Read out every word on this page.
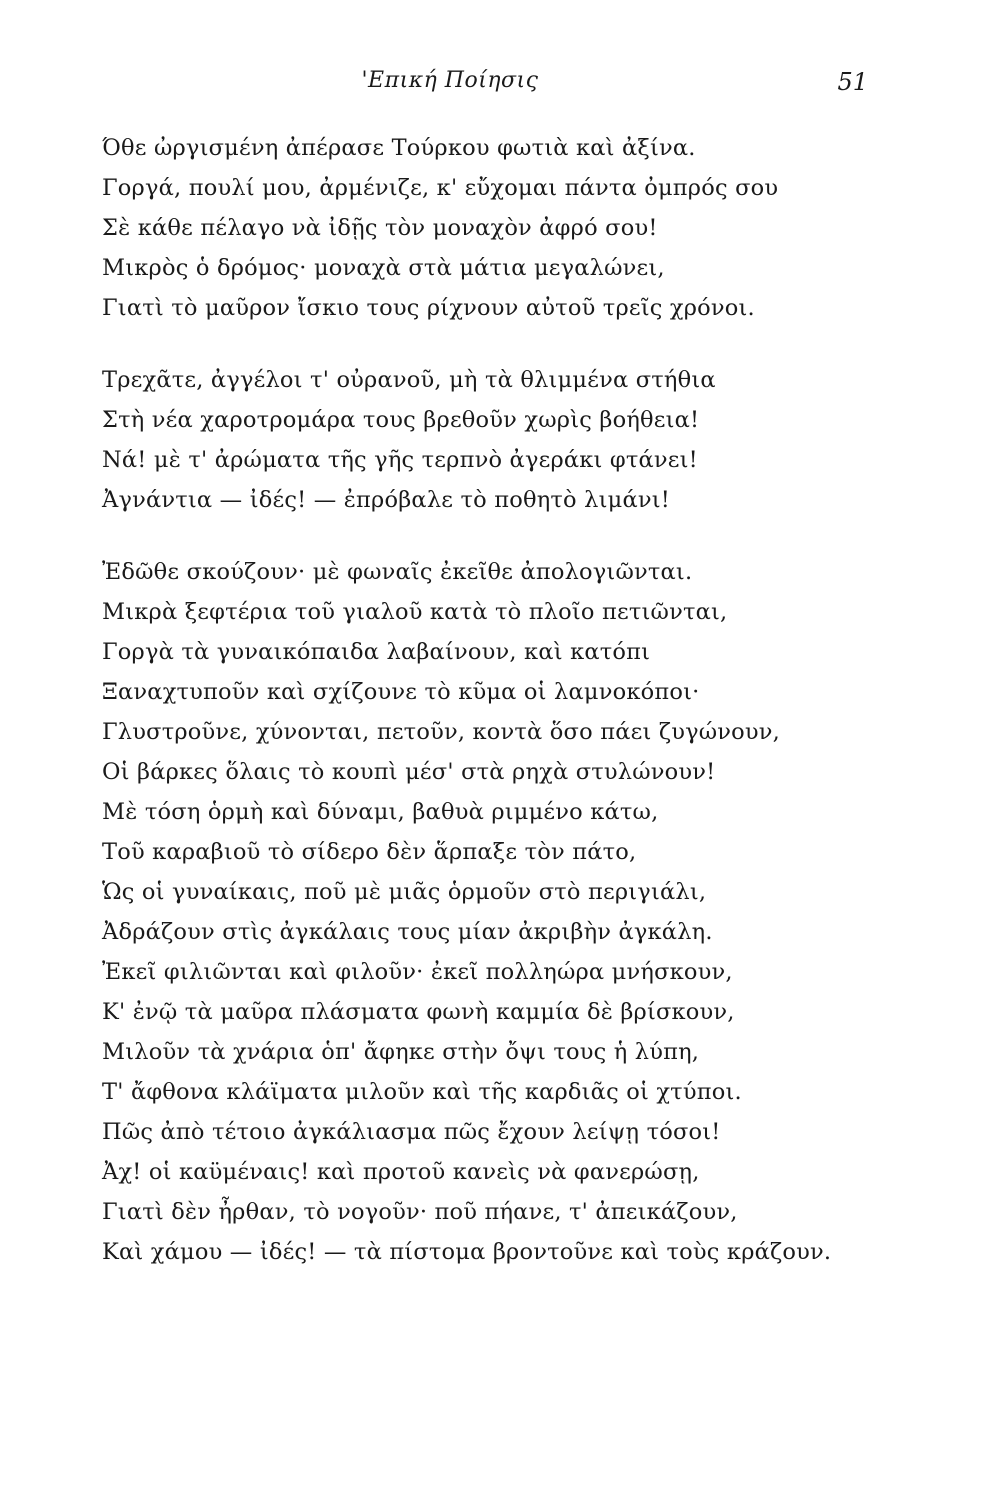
'Επική Ποίησις	51
Όθε ὠργισμένη ἀπέρασε Τούρκου φωτιὰ καὶ ἀξίνα.
Γοργά, πουλί μου, ἀρμένιζε, κ' εὔχομαι πάντα ὀμπρός σου
Σὲ κάθε πέλαγο νὰ ἰδῇς τὸν μοναχὸν ἀφρό σου!
Μικρὸς ὁ δρόμος· μοναχὰ στὰ μάτια μεγαλώνει,
Γιατὶ τὸ μαῦρον ἴσκιο τους ρίχνουν αὐτοῦ τρεῖς χρόνοι.
Τρεχᾶτε, ἀγγέλοι τ' οὐρανοῦ, μὴ τὰ θλιμμένα στήθια
Στὴ νέα χαροτρομάρα τους βρεθοῦν χωρὶς βοήθεια!
Νά! μὲ τ' ἀρώματα τῆς γῆς τερπνὸ ἀγεράκι φτάνει!
Ἀγνάντια — ἰδές! — ἐπρόβαλε τὸ ποθητὸ λιμάνι!
Ἐδῶθε σκούζουν· μὲ φωναῖς ἐκεῖθε ἀπολογιῶνται.
Μικρὰ ξεφτέρια τοῦ γιαλοῦ κατὰ τὸ πλοῖο πετιῶνται,
Γοργὰ τὰ γυναικόπαιδα λαβαίνουν, καὶ κατόπι
Ξαναχτυποῦν καὶ σχίζουνε τὸ κῦμα οἱ λαμνοκόποι·
Γλυστροῦνε, χύνονται, πετοῦν, κοντὰ ὅσο πάει ζυγώνουν,
Οἱ βάρκες ὅλαις τὸ κουπὶ μέσ' στὰ ρηχὰ στυλώνουν!
Μὲ τόση ὁρμὴ καὶ δύναμι, βαθυὰ ριμμένο κάτω,
Τοῦ καραβιοῦ τὸ σίδερο δὲν ἅρπαξε τὸν πάτο,
Ὡς οἱ γυναίκαις, ποῦ μὲ μιᾶς ὁρμοῦν στὸ περιγιάλι,
Ἀδράζουν στὶς ἀγκάλαις τους μίαν ἀκριβὴν ἀγκάλη.
Ἐκεῖ φιλιῶνται καὶ φιλοῦν· ἐκεῖ πολληώρα μνήσκουν,
Κ' ἐνῷ τὰ μαῦρα πλάσματα φωνὴ καμμία δὲ βρίσκουν,
Μιλοῦν τὰ χνάρια ὁπ' ἄφηκε στὴν ὄψι τους ἡ λύπη,
Τ' ἄφθονα κλάϊματα μιλοῦν καὶ τῆς καρδιᾶς οἱ χτύποι.
Πῶς ἀπὸ τέτοιο ἀγκάλιασμα πῶς ἔχουν λείψῃ τόσοι!
Ἀχ! οἱ καϋμέναις! καὶ προτοῦ κανεὶς νὰ φανερώσῃ,
Γιατὶ δὲν ἦρθαν, τὸ νογοῦν· ποῦ πήανε, τ' ἀπεικάζουν,
Καὶ χάμου — ἰδές! — τὰ πίστομα βροντοῦνε καὶ τοὺς κράζουν.
